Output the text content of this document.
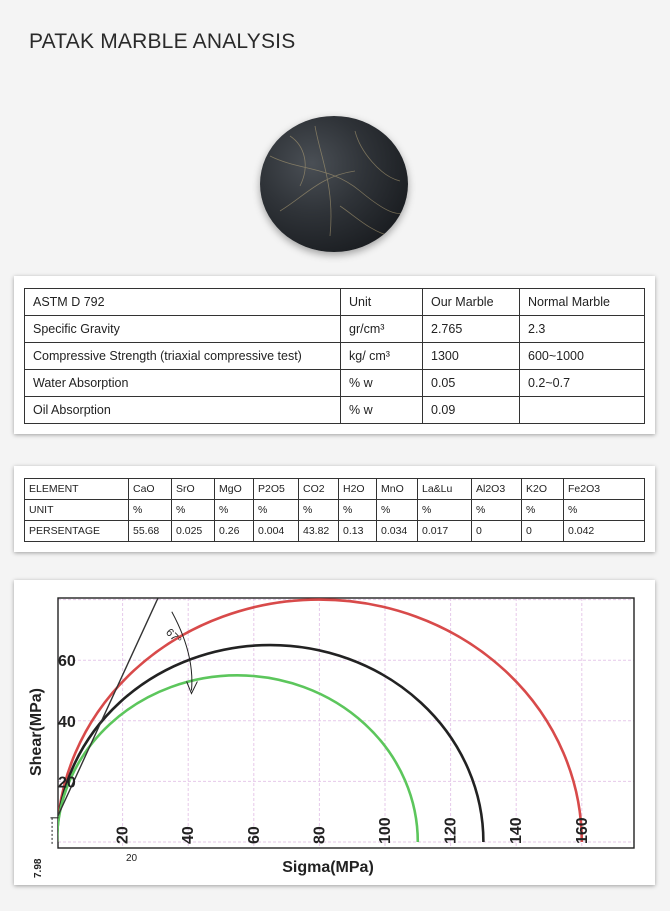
PATAK MARBLE ANALYSIS
ASTM D 792	Unit	Our Marble	Normal Marble
Specific Gravity	gr/cm³	2.765	2.3
Compressive Strength (triaxial compressive test)	kg/ cm³	1300	600~1000
Water Absorption	% w	0.05	0.2~0.7
Oil Absorption	% w	0.09	
ELEMENT	CaO	SrO	MgO	P2O5	CO2	H2O	MnO	La&Lu	Al2O3	K2O	Fe2O3
UNIT	%	%	%	%	%	%	%	%	%	%	%
PERSENTAGE	55.68	0.025	0.26	0.004	43.82	0.13	0.034	0.017	0	0	0.042
67°
20	40	60	80	100	120	140	160
20
40
60
20
7.98	Sigma(MPa)
Shear(MPa)
